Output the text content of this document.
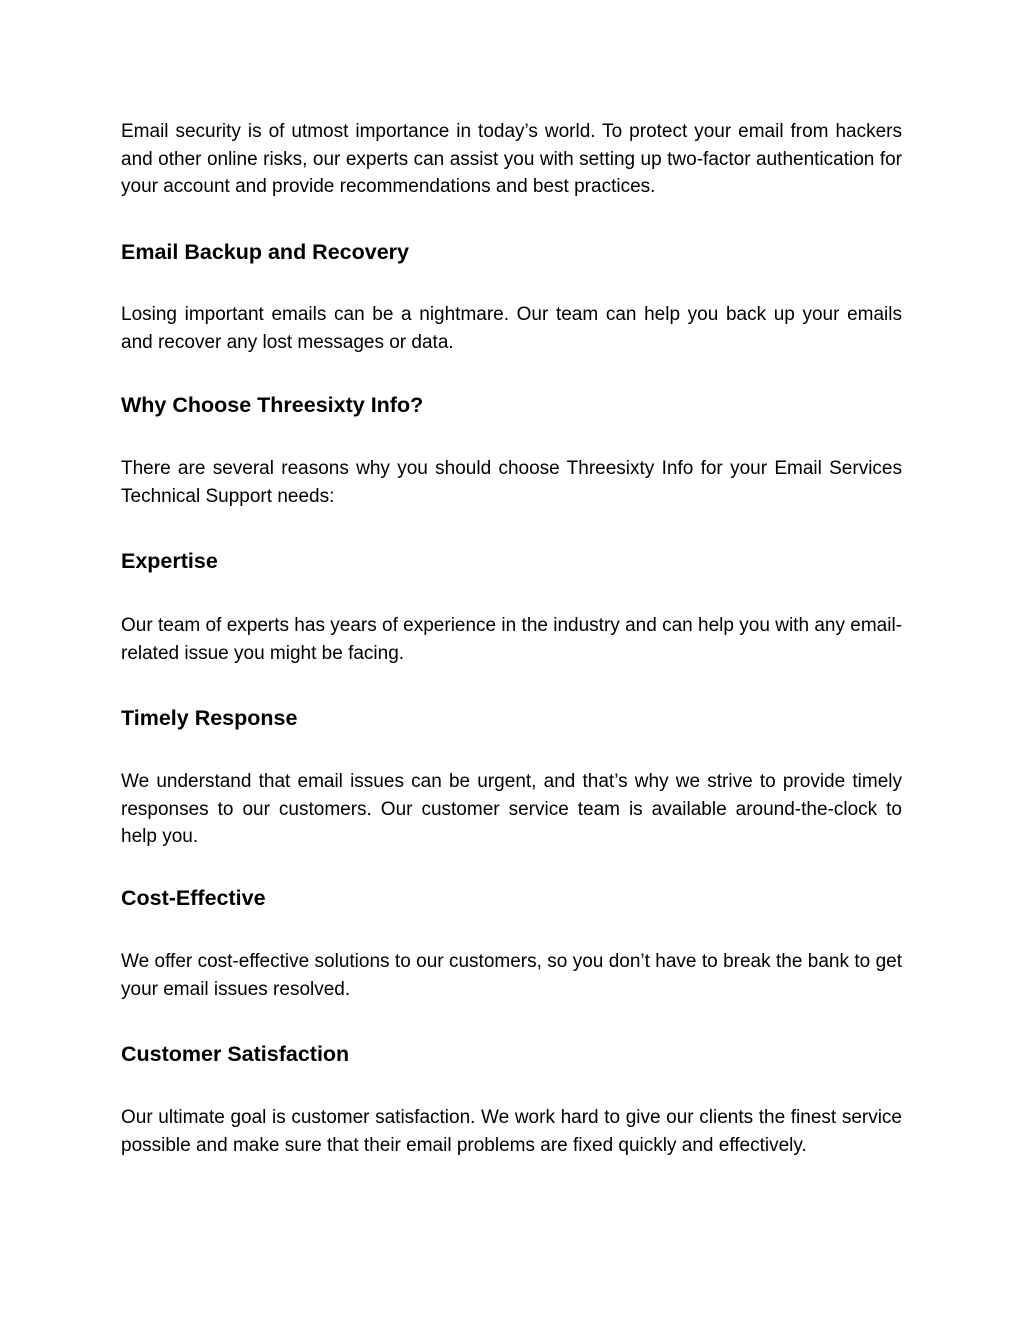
Email security is of utmost importance in today’s world. To protect your email from hackers and other online risks, our experts can assist you with setting up two-factor authentication for your account and provide recommendations and best practices.

Email Backup and Recovery

Losing important emails can be a nightmare. Our team can help you back up your emails and recover any lost messages or data.

Why Choose Threesixty Info?

There are several reasons why you should choose Threesixty Info for your Email Services Technical Support needs:

Expertise

Our team of experts has years of experience in the industry and can help you with any email-related issue you might be facing.

Timely Response

We understand that email issues can be urgent, and that’s why we strive to provide timely responses to our customers. Our customer service team is available around-the-clock to help you.

Cost-Effective

We offer cost-effective solutions to our customers, so you don’t have to break the bank to get your email issues resolved.

Customer Satisfaction

Our ultimate goal is customer satisfaction. We work hard to give our clients the finest service possible and make sure that their email problems are fixed quickly and effectively.
